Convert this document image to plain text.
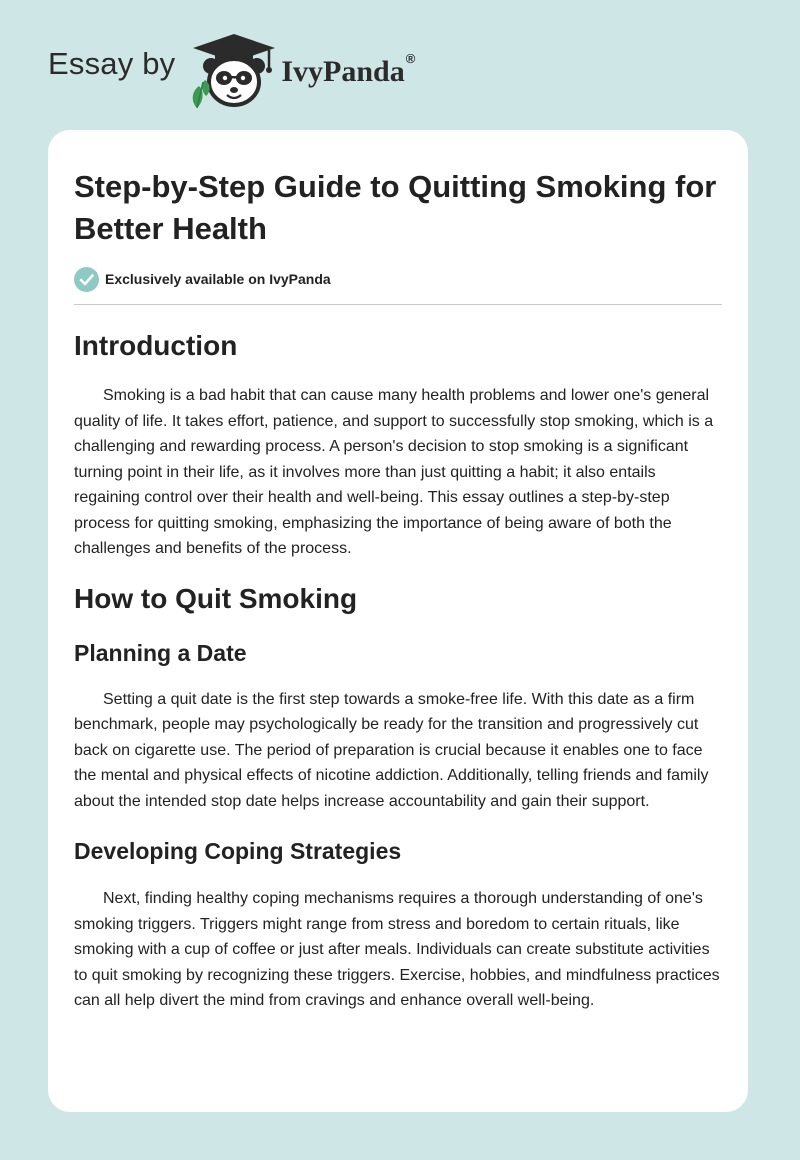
Essay by	IvyPanda®
Step-by-Step Guide to Quitting Smoking for Better Health
Exclusively available on IvyPanda
Introduction

Smoking is a bad habit that can cause many health problems and lower one's general quality of life. It takes effort, patience, and support to successfully stop smoking, which is a challenging and rewarding process. A person's decision to stop smoking is a significant turning point in their life, as it involves more than just quitting a habit; it also entails regaining control over their health and well-being. This essay outlines a step-by-step process for quitting smoking, emphasizing the importance of being aware of both the challenges and benefits of the process.

How to Quit Smoking
Planning a Date

Setting a quit date is the first step towards a smoke-free life. With this date as a firm benchmark, people may psychologically be ready for the transition and progressively cut back on cigarette use. The period of preparation is crucial because it enables one to face the mental and physical effects of nicotine addiction. Additionally, telling friends and family about the intended stop date helps increase accountability and gain their support.

Developing Coping Strategies

Next, finding healthy coping mechanisms requires a thorough understanding of one's smoking triggers. Triggers might range from stress and boredom to certain rituals, like smoking with a cup of coffee or just after meals. Individuals can create substitute activities to quit smoking by recognizing these triggers. Exercise, hobbies, and mindfulness practices can all help divert the mind from cravings and enhance overall well-being.
